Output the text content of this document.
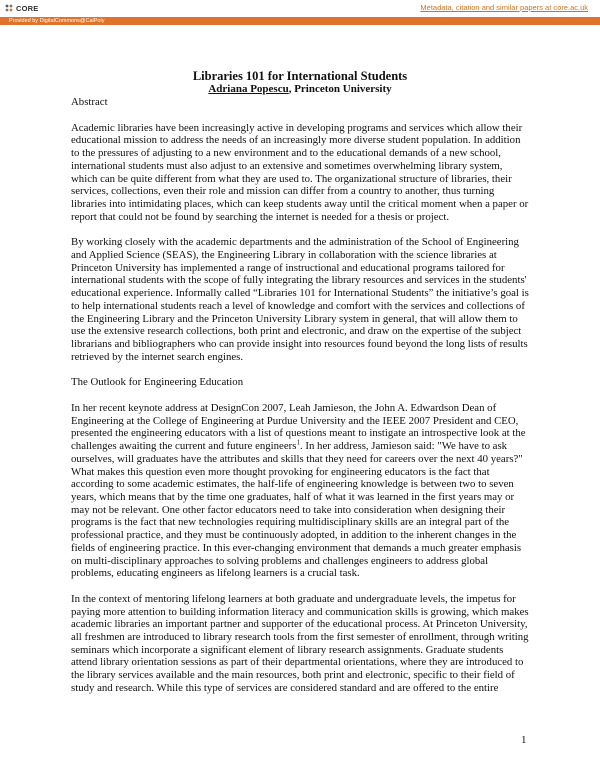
CORE	Metadata, citation and similar papers at core.ac.uk
Provided by DigitalCommons@CalPoly

Libraries 101 for International Students

Adriana Popescu, Princeton University

Abstract

Academic libraries have been increasingly active in developing programs and services which allow their educational mission to address the needs of an increasingly more diverse student population. In addition to the pressures of adjusting to a new environment and to the educational demands of a new school, international students must also adjust to an extensive and sometimes overwhelming library system, which can be quite different from what they are used to. The organizational structure of libraries, their services, collections, even their role and mission can differ from a country to another, thus turning libraries into intimidating places, which can keep students away until the critical moment when a paper or report that could not be found by searching the internet is needed for a thesis or project.

By working closely with the academic departments and the administration of the School of Engineering and Applied Science (SEAS), the Engineering Library in collaboration with the science libraries at Princeton University has implemented a range of instructional and educational programs tailored for international students with the scope of fully integrating the library resources and services in the students' educational experience. Informally called “Libraries 101 for International Students” the initiative’s goal is to help international students reach a level of knowledge and comfort with the services and collections of the Engineering Library and the Princeton University Library system in general, that will allow them to use the extensive research collections, both print and electronic, and draw on the expertise of the subject librarians and bibliographers who can provide insight into resources found beyond the long lists of results retrieved by the internet search engines.

The Outlook for Engineering Education

In her recent keynote address at DesignCon 2007, Leah Jamieson, the John A. Edwardson Dean of Engineering at the College of Engineering at Purdue University and the IEEE 2007 President and CEO, presented the engineering educators with a list of questions meant to instigate an introspective look at the challenges awaiting the current and future engineers$^1$. In her address, Jamieson said: "We have to ask ourselves, will graduates have the attributes and skills that they need for careers over the next 40 years?" What makes this question even more thought provoking for engineering educators is the fact that according to some academic estimates, the half-life of engineering knowledge is between two to seven years, which means that by the time one graduates, half of what it was learned in the first years may or may not be relevant. One other factor educators need to take into consideration when designing their programs is the fact that new technologies requiring multidisciplinary skills are an integral part of the professional practice, and they must be continuously adopted, in addition to the inherent changes in the fields of engineering practice. In this ever-changing environment that demands a much greater emphasis on multi-disciplinary approaches to solving problems and challenges engineers to address global problems, educating engineers as lifelong learners is a crucial task.

In the context of mentoring lifelong learners at both graduate and undergraduate levels, the impetus for paying more attention to building information literacy and communication skills is growing, which makes academic libraries an important partner and supporter of the educational process. At Princeton University, all freshmen are introduced to library research tools from the first semester of enrollment, through writing seminars which incorporate a significant element of library research assignments. Graduate students attend library orientation sessions as part of their departmental orientations, where they are introduced to the library services available and the main resources, both print and electronic, specific to their field of study and research. While this type of services are considered standard and are offered to the entire

1
